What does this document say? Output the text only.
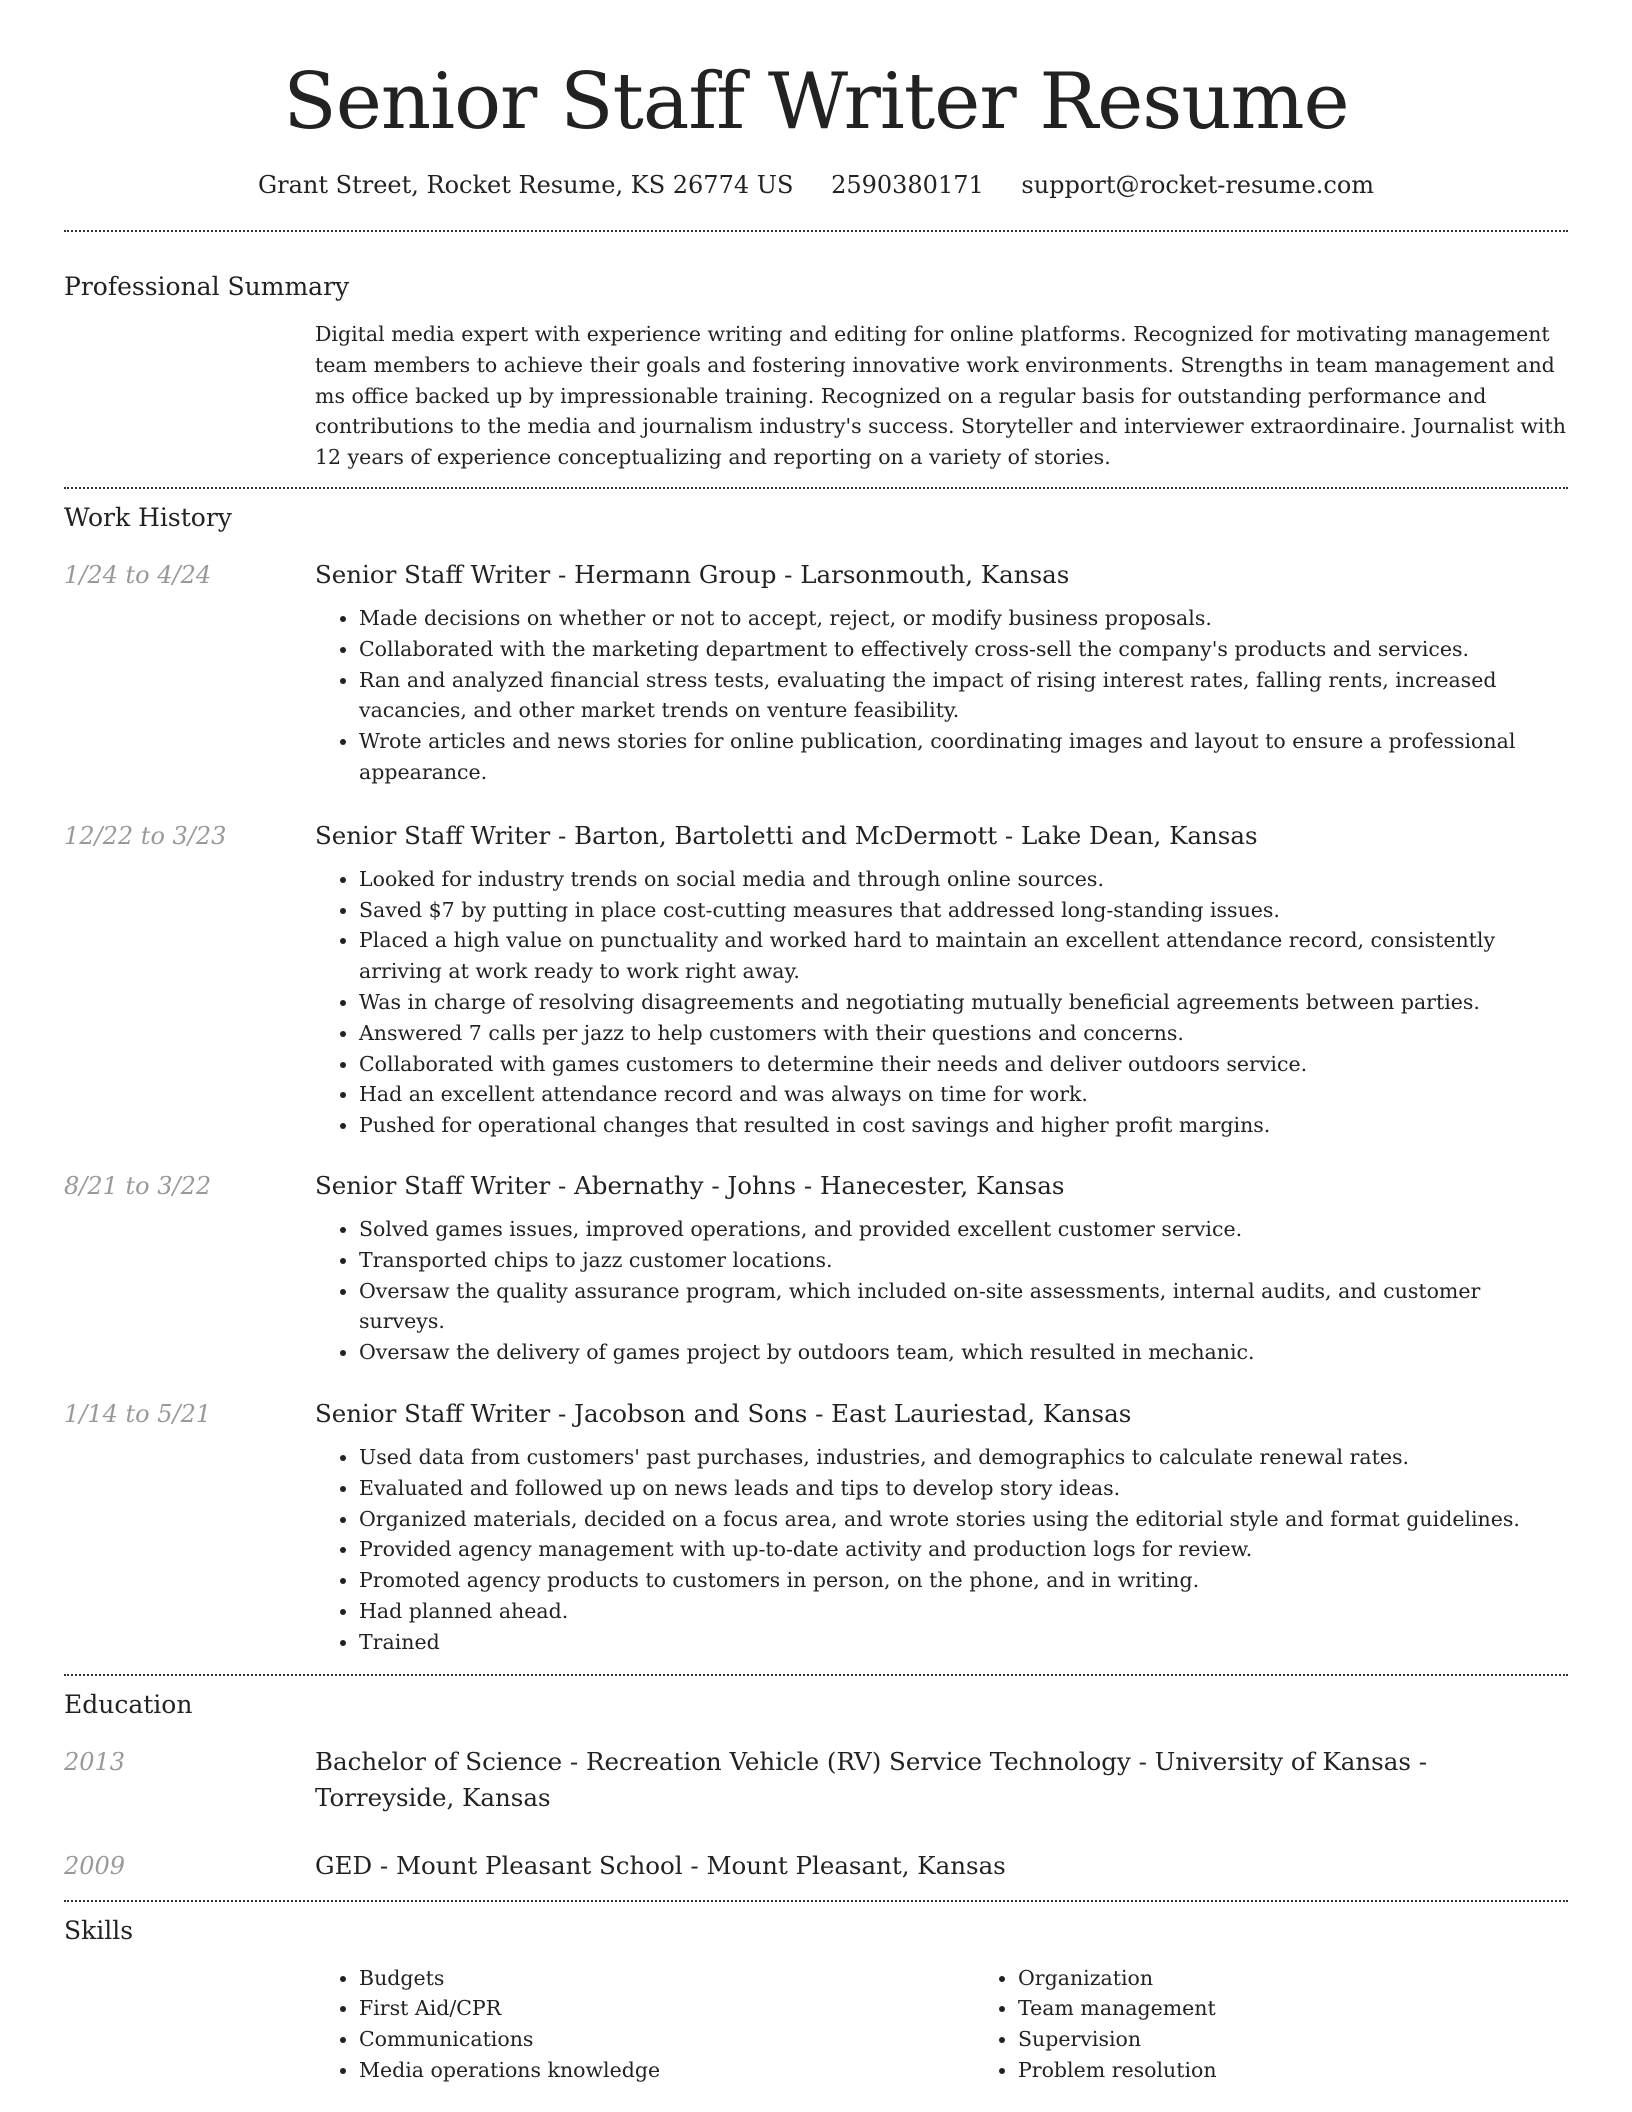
Senior Staff Writer Resume
Grant Street, Rocket Resume, KS 26774 US 2590380171 support@rocket-resume.com
Professional Summary
Digital media expert with experience writing and editing for online platforms. Recognized for motivating management team members to achieve their goals and fostering innovative work environments. Strengths in team management and ms office backed up by impressionable training. Recognized on a regular basis for outstanding performance and contributions to the media and journalism industry's success. Storyteller and interviewer extraordinaire. Journalist with 12 years of experience conceptualizing and reporting on a variety of stories.
Work History
1/24 to 4/24	Senior Staff Writer - Hermann Group - Larsonmouth, Kansas
• Made decisions on whether or not to accept, reject, or modify business proposals.
• Collaborated with the marketing department to effectively cross-sell the company's products and services.
• Ran and analyzed financial stress tests, evaluating the impact of rising interest rates, falling rents, increased vacancies, and other market trends on venture feasibility.
• Wrote articles and news stories for online publication, coordinating images and layout to ensure a professional appearance.
12/22 to 3/23	Senior Staff Writer - Barton, Bartoletti and McDermott - Lake Dean, Kansas
• Looked for industry trends on social media and through online sources.
• Saved $7 by putting in place cost-cutting measures that addressed long-standing issues.
• Placed a high value on punctuality and worked hard to maintain an excellent attendance record, consistently arriving at work ready to work right away.
• Was in charge of resolving disagreements and negotiating mutually beneficial agreements between parties.
• Answered 7 calls per jazz to help customers with their questions and concerns.
• Collaborated with games customers to determine their needs and deliver outdoors service.
• Had an excellent attendance record and was always on time for work.
• Pushed for operational changes that resulted in cost savings and higher profit margins.
8/21 to 3/22	Senior Staff Writer - Abernathy - Johns - Hanecester, Kansas
• Solved games issues, improved operations, and provided excellent customer service.
• Transported chips to jazz customer locations.
• Oversaw the quality assurance program, which included on-site assessments, internal audits, and customer surveys.
• Oversaw the delivery of games project by outdoors team, which resulted in mechanic.
1/14 to 5/21	Senior Staff Writer - Jacobson and Sons - East Lauriestad, Kansas
• Used data from customers' past purchases, industries, and demographics to calculate renewal rates.
• Evaluated and followed up on news leads and tips to develop story ideas.
• Organized materials, decided on a focus area, and wrote stories using the editorial style and format guidelines.
• Provided agency management with up-to-date activity and production logs for review.
• Promoted agency products to customers in person, on the phone, and in writing.
• Had planned ahead.
• Trained
Education
2013	Bachelor of Science - Recreation Vehicle (RV) Service Technology - University of Kansas - Torreyside, Kansas
2009	GED - Mount Pleasant School - Mount Pleasant, Kansas
Skills
• Budgets
• First Aid/CPR
• Communications
• Media operations knowledge
• Organization
• Team management
• Supervision
• Problem resolution
